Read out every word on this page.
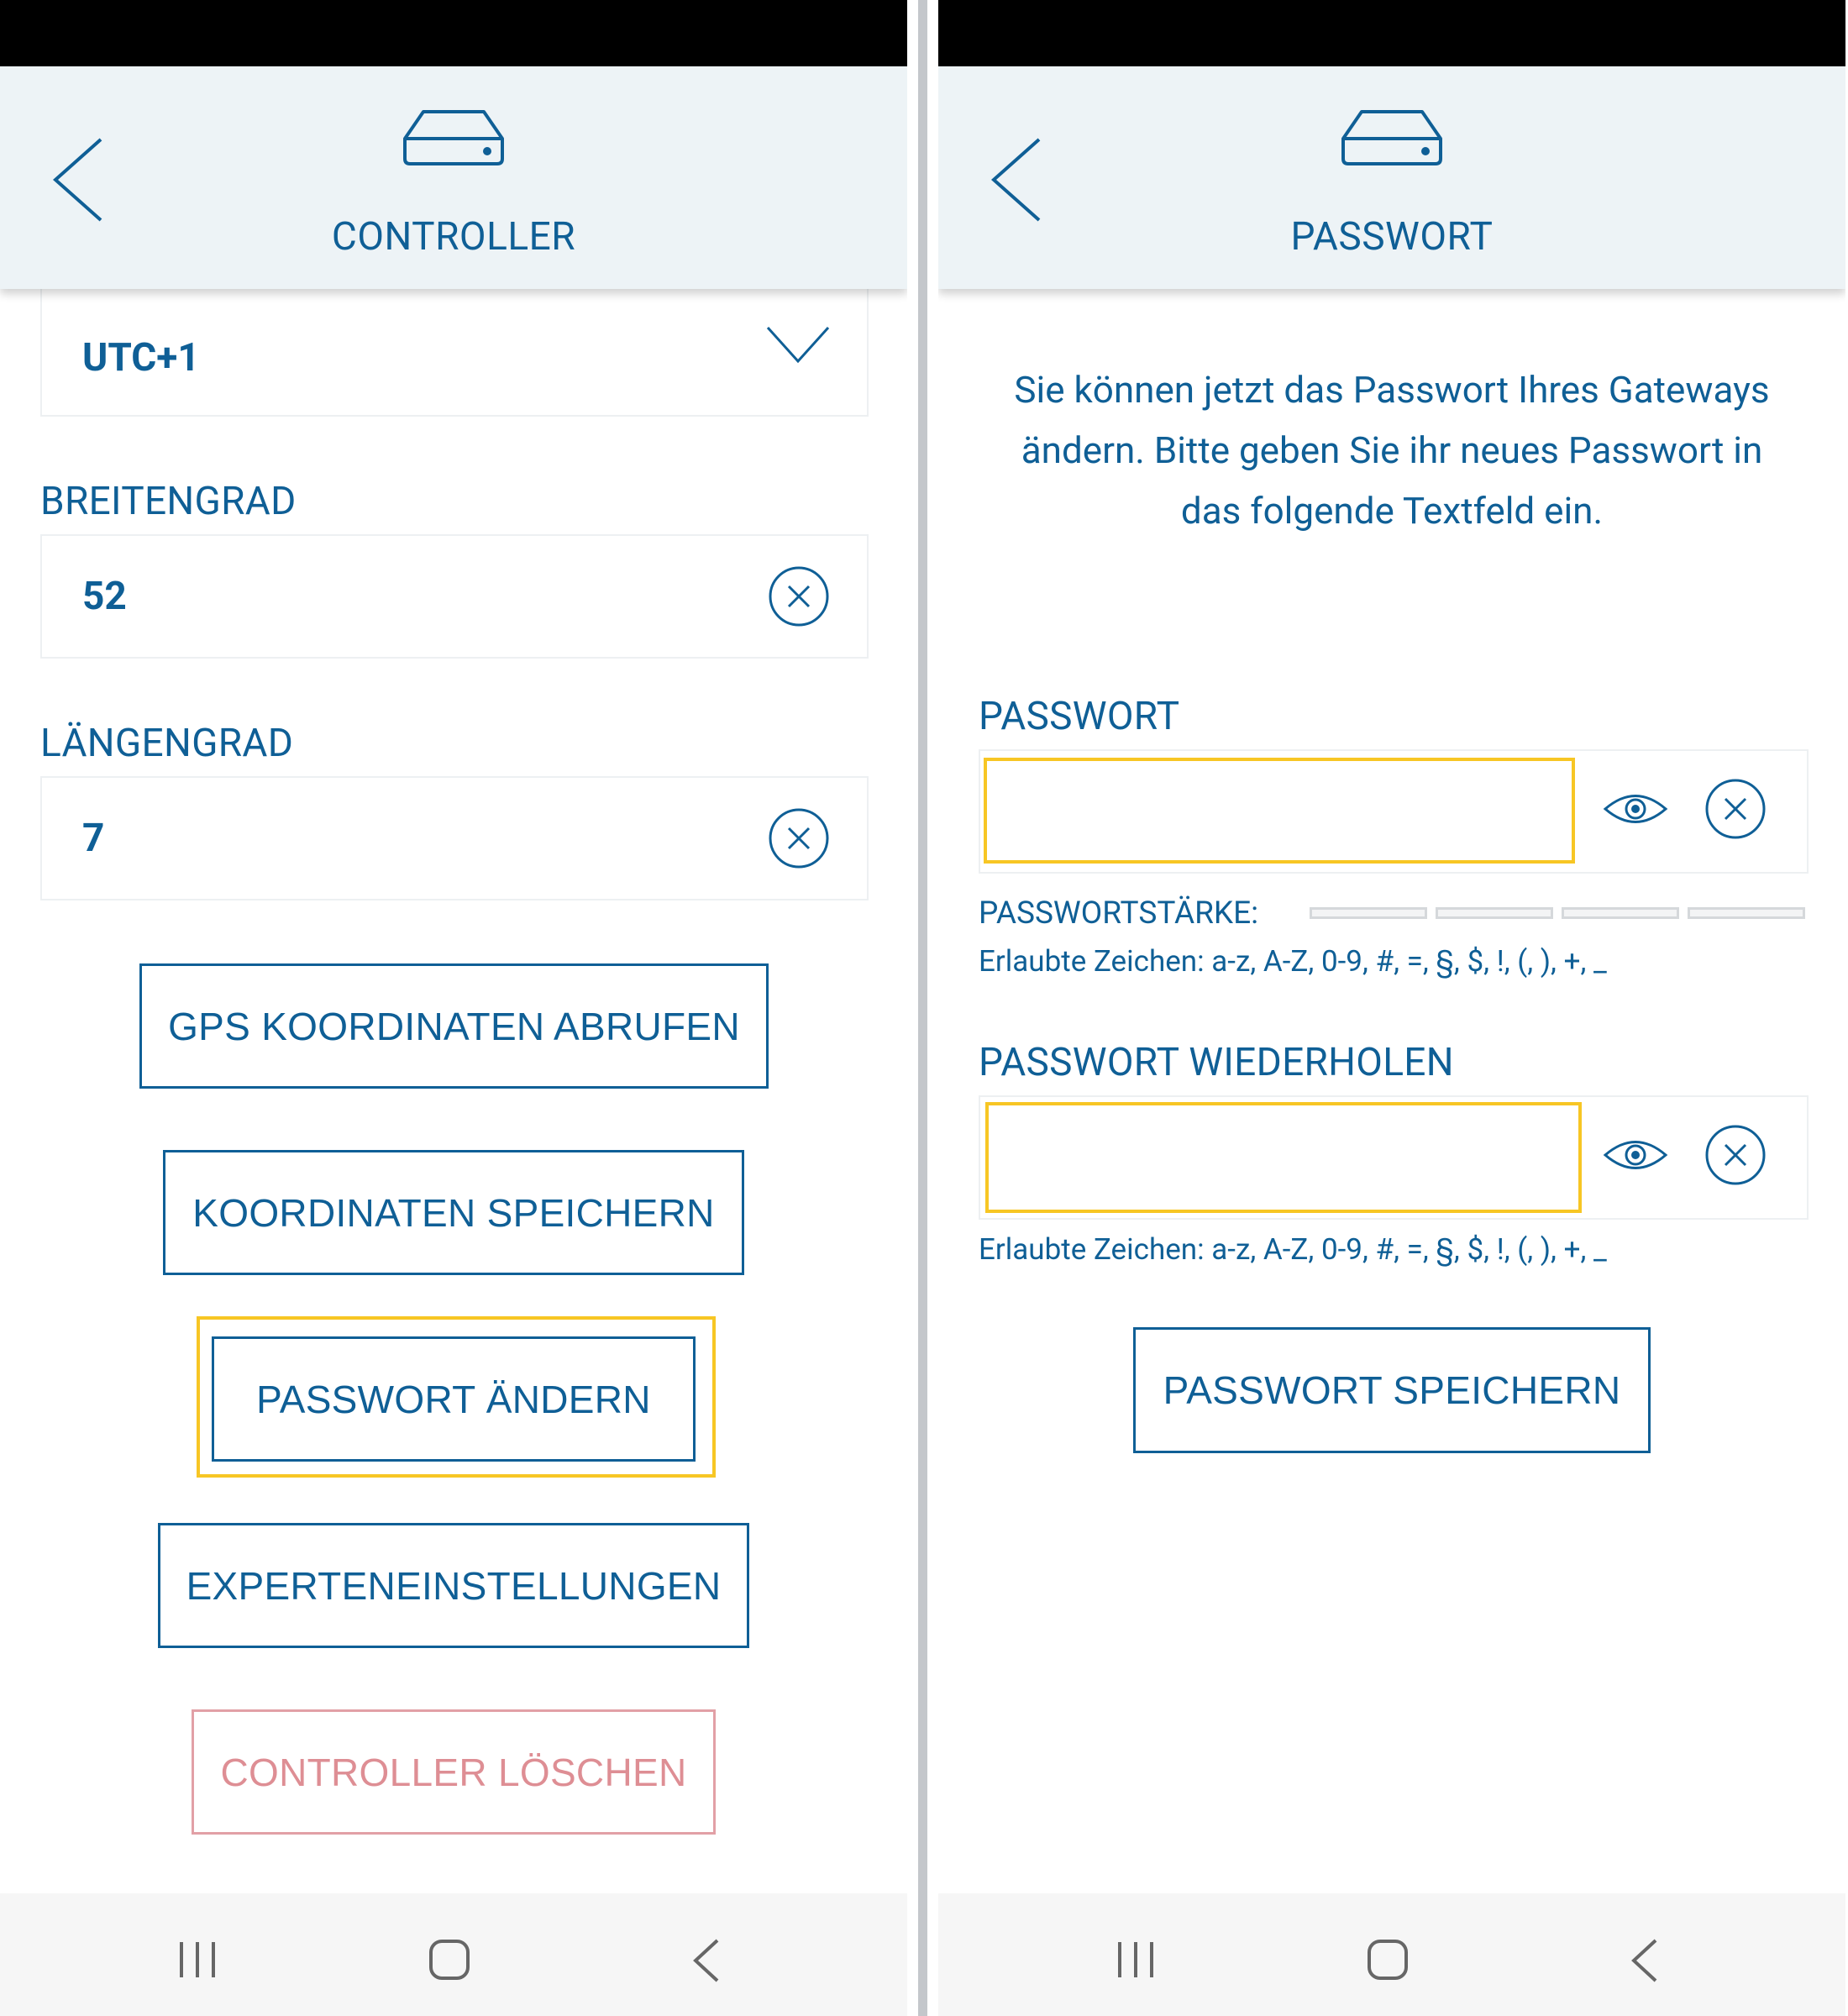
CONTROLLER
UTC+1
BREITENGRAD
52
LÄNGENGRAD
7
GPS KOORDINATEN ABRUFEN
KOORDINATEN SPEICHERN
PASSWORT ÄNDERN
EXPERTENEINSTELLUNGEN
CONTROLLER LÖSCHEN
PASSWORT
Sie können jetzt das Passwort Ihres Gateways ändern. Bitte geben Sie ihr neues Passwort in das folgende Textfeld ein.
PASSWORT
PASSWORTSTÄRKE:
Erlaubte Zeichen: a-z, A-Z, 0-9, #, =, §, $, !, (, ), +, _
PASSWORT WIEDERHOLEN
Erlaubte Zeichen: a-z, A-Z, 0-9, #, =, §, $, !, (, ), +, _
PASSWORT SPEICHERN
